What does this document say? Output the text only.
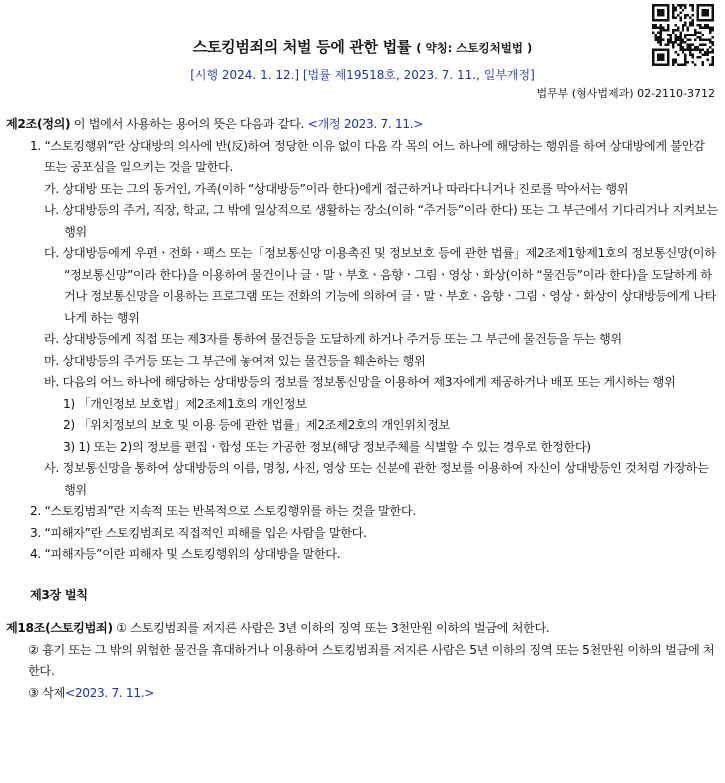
스토킹범죄의 처벌 등에 관한 법률 ( 약칭: 스토킹처벌법 )
[시행 2024. 1. 12.] [법률 제19518호, 2023. 7. 11., 일부개정]
법무부 (형사법제과) 02-2110-3712

제2조(정의) 이 법에서 사용하는 용어의 뜻은 다음과 같다. <개정 2023. 7. 11.>

1. “스토킹행위”란 상대방의 의사에 반(反)하여 정당한 이유 없이 다음 각 목의 어느 하나에 해당하는 행위를 하여 상대방에게 불안감 또는 공포심을 일으키는 것을 말한다.

가. 상대방 또는 그의 동거인, 가족(이하 “상대방등”이라 한다)에게 접근하거나 따라다니거나 진로를 막아서는 행위

나. 상대방등의 주거, 직장, 학교, 그 밖에 일상적으로 생활하는 장소(이하 “주거등”이라 한다) 또는 그 부근에서 기다리거나 지켜보는 행위

다. 상대방등에게 우편ㆍ전화ㆍ팩스 또는「정보통신망 이용촉진 및 정보보호 등에 관한 법률」제2조제1항제1호의 정보통신망(이하 “정보통신망”이라 한다)을 이용하여 물건이나 글ㆍ말ㆍ부호ㆍ음향ㆍ그림ㆍ영상ㆍ화상(이하 “물건등”이라 한다)을 도달하게 하거나 정보통신망을 이용하는 프로그램 또는 전화의 기능에 의하여 글ㆍ말ㆍ부호ㆍ음향ㆍ그림ㆍ영상ㆍ화상이 상대방등에게 나타나게 하는 행위

라. 상대방등에게 직접 또는 제3자를 통하여 물건등을 도달하게 하거나 주거등 또는 그 부근에 물건등을 두는 행위

마. 상대방등의 주거등 또는 그 부근에 놓여져 있는 물건등을 훼손하는 행위

바. 다음의 어느 하나에 해당하는 상대방등의 정보를 정보통신망을 이용하여 제3자에게 제공하거나 배포 또는 게시하는 행위

1) 「개인정보 보호법」제2조제1호의 개인정보

2) 「위치정보의 보호 및 이용 등에 관한 법률」제2조제2호의 개인위치정보

3) 1) 또는 2)의 정보를 편집ㆍ합성 또는 가공한 정보(해당 정보주체를 식별할 수 있는 경우로 한정한다)

사. 정보통신망을 통하여 상대방등의 이름, 명칭, 사진, 영상 또는 신분에 관한 정보를 이용하여 자신이 상대방등인 것처럼 가장하는 행위

2. “스토킹범죄”란 지속적 또는 반복적으로 스토킹행위를 하는 것을 말한다.

3. “피해자”란 스토킹범죄로 직접적인 피해를 입은 사람을 말한다.

4. “피해자등”이란 피해자 및 스토킹행위의 상대방을 말한다.

제3장 벌칙

제18조(스토킹범죄) ① 스토킹범죄를 저지른 사람은 3년 이하의 징역 또는 3천만원 이하의 벌금에 처한다.

② 흉기 또는 그 밖의 위험한 물건을 휴대하거나 이용하여 스토킹범죄를 저지른 사람은 5년 이하의 징역 또는 5천만원 이하의 벌금에 처한다.

③ 삭제<2023. 7. 11.>
